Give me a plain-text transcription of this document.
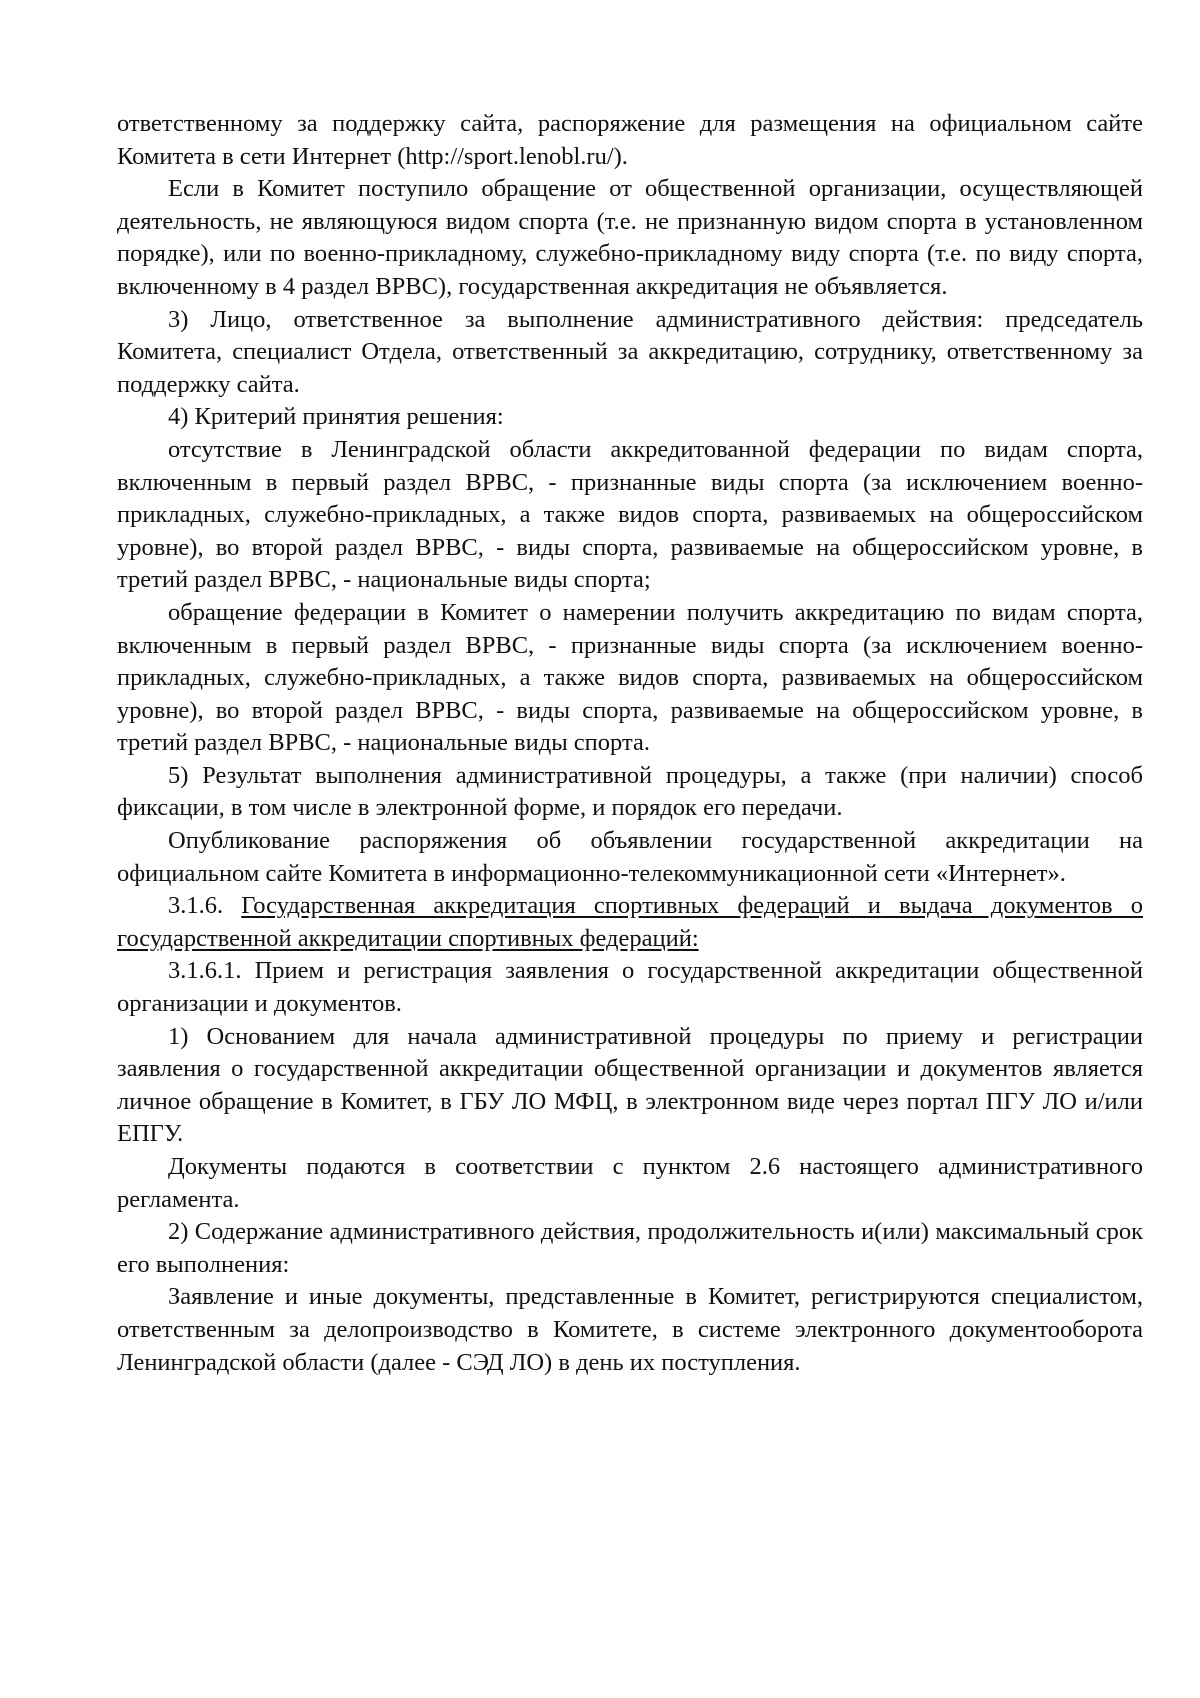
ответственному за поддержку сайта, распоряжение для размещения на официальном сайте Комитета в сети Интернет (http://sport.lenobl.ru/).

Если в Комитет поступило обращение от общественной организации, осуществляющей деятельность, не являющуюся видом спорта (т.е. не признанную видом спорта в установленном порядке), или по военно-прикладному, служебно-прикладному виду спорта (т.е. по виду спорта, включенному в 4 раздел ВРВС), государственная аккредитация не объявляется.

3) Лицо, ответственное за выполнение административного действия: председатель Комитета, специалист Отдела, ответственный за аккредитацию, сотруднику, ответственному за поддержку сайта.

4) Критерий принятия решения:

отсутствие в Ленинградской области аккредитованной федерации по видам спорта, включенным в первый раздел ВРВС, - признанные виды спорта (за исключением военно-прикладных, служебно-прикладных, а также видов спорта, развиваемых на общероссийском уровне), во второй раздел ВРВС, - виды спорта, развиваемые на общероссийском уровне, в третий раздел ВРВС, - национальные виды спорта;

обращение федерации в Комитет о намерении получить аккредитацию по видам спорта, включенным в первый раздел ВРВС, - признанные виды спорта (за исключением военно-прикладных, служебно-прикладных, а также видов спорта, развиваемых на общероссийском уровне), во второй раздел ВРВС, - виды спорта, развиваемые на общероссийском уровне, в третий раздел ВРВС, - национальные виды спорта.

5) Результат выполнения административной процедуры, а также (при наличии) способ фиксации, в том числе в электронной форме, и порядок его передачи.

Опубликование распоряжения об объявлении государственной аккредитации на официальном сайте Комитета в информационно-телекоммуникационной сети «Интернет».

3.1.6. Государственная аккредитация спортивных федераций и выдача документов о государственной аккредитации спортивных федераций:

3.1.6.1. Прием и регистрация заявления о государственной аккредитации общественной организации и документов.

1) Основанием для начала административной процедуры по приему и регистрации заявления о государственной аккредитации общественной организации и документов является личное обращение в Комитет, в ГБУ ЛО МФЦ, в электронном виде через портал ПГУ ЛО и/или ЕПГУ.

Документы подаются в соответствии с пунктом 2.6 настоящего административного регламента.

2) Содержание административного действия, продолжительность и(или) максимальный срок его выполнения:

Заявление и иные документы, представленные в Комитет, регистрируются специалистом, ответственным за делопроизводство в Комитете, в системе электронного документооборота Ленинградской области (далее - СЭД ЛО) в день их поступления.
